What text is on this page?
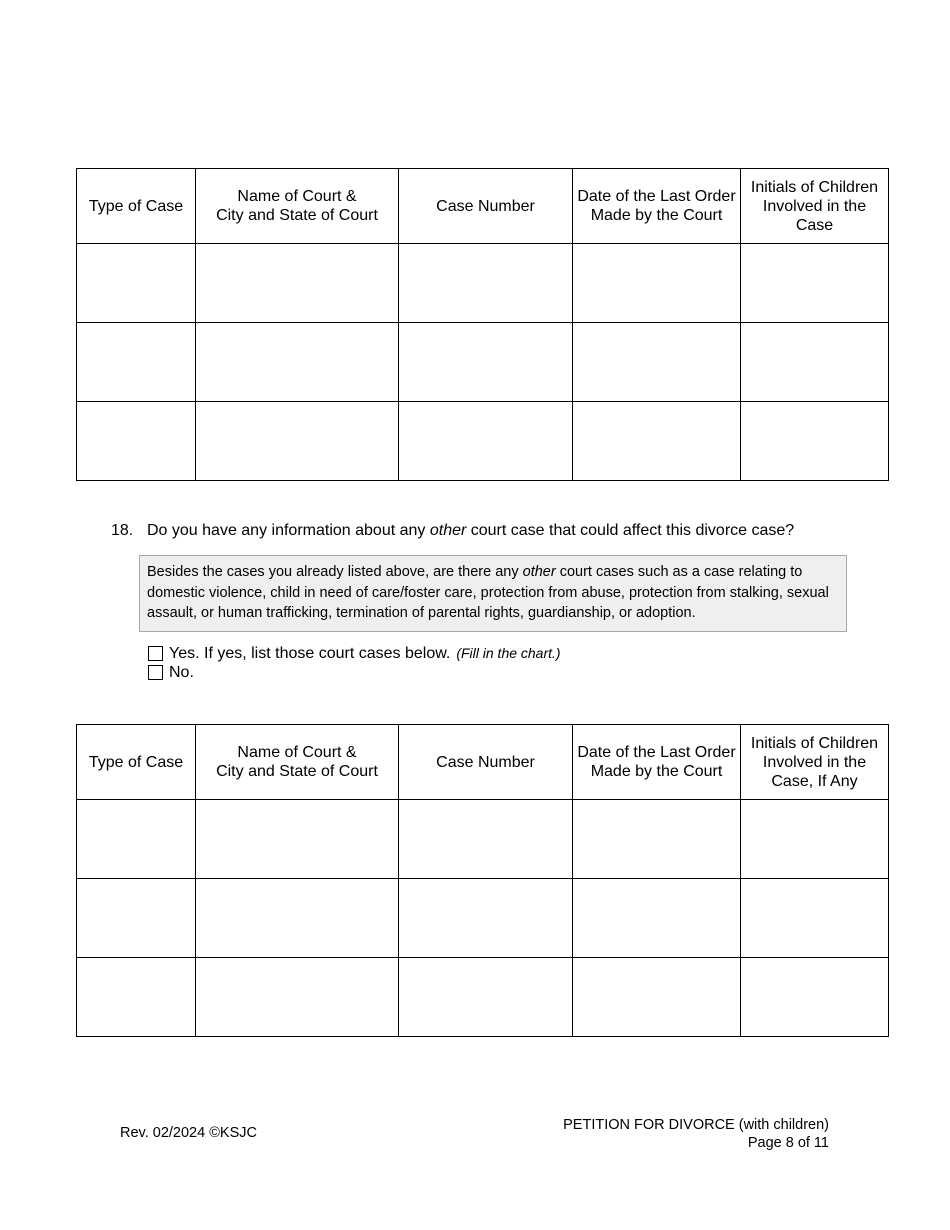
Type of Case	Name of Court &
City and State of Court	Case Number	Date of the Last Order Made by the Court	Initials of Children Involved in the Case

18. Do you have any information about any other court case that could affect this divorce case?
Besides the cases you already listed above, are there any other court cases such as a case relating to domestic violence, child in need of care/foster care, protection from abuse, protection from stalking, sexual assault, or human trafficking, termination of parental rights, guardianship, or adoption.
Yes. If yes, list those court cases below. (Fill in the chart.)
No.
Type of Case	Name of Court &
City and State of Court	Case Number	Date of the Last Order Made by the Court	Initials of Children Involved in the Case, If Any

Rev. 02/2024 ©KSJC	PETITION FOR DIVORCE (with children)
Page 8 of 11
